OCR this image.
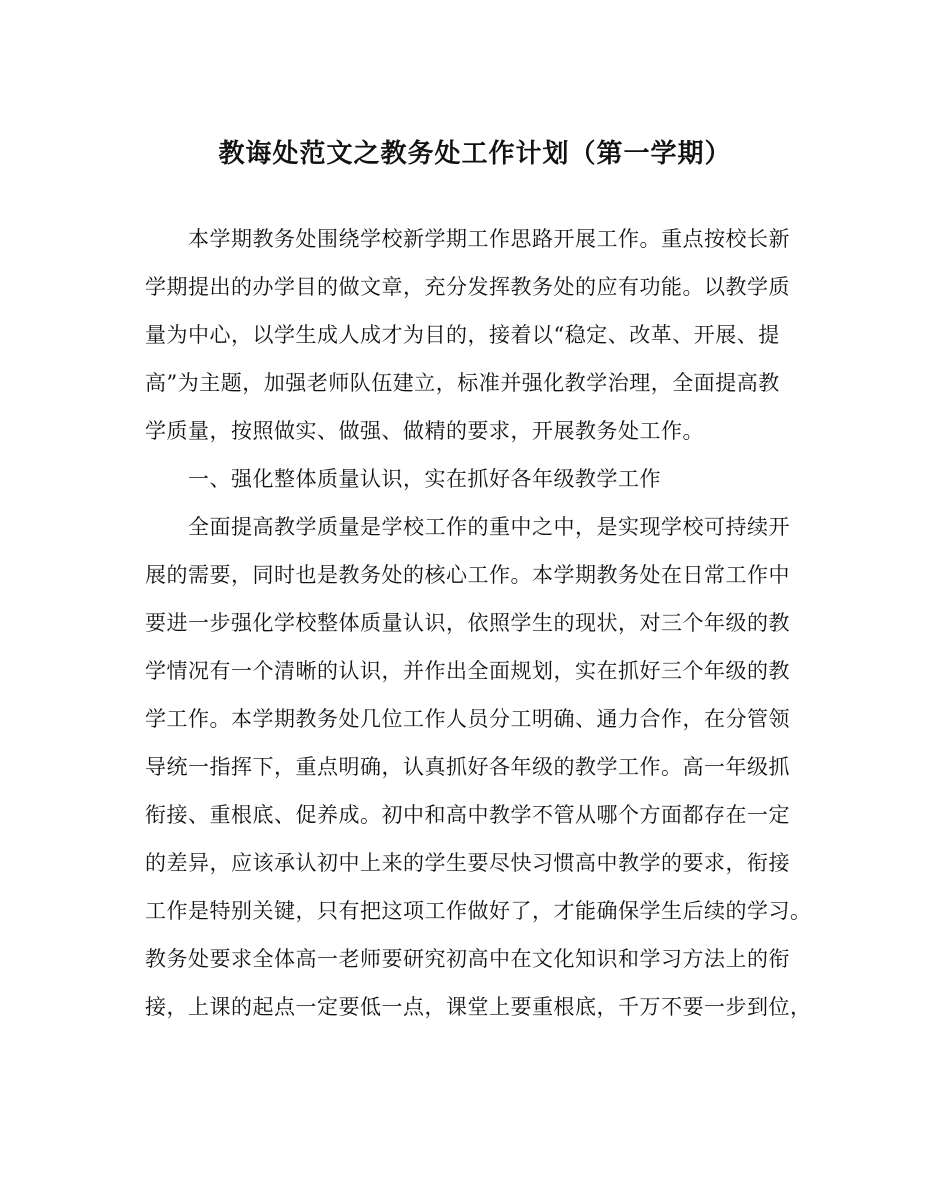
教诲处范文之教务处工作计划（第一学期）

本学期教务处围绕学校新学期工作思路开展工作。重点按校长新

学期提出的办学目的做文章，充分发挥教务处的应有功能。以教学质

量为中心，以学生成人成才为目的，接着以“稳定、改革、开展、提

高”为主题，加强老师队伍建立，标准并强化教学治理，全面提高教

学质量，按照做实、做强、做精的要求，开展教务处工作。

一、强化整体质量认识，实在抓好各年级教学工作

全面提高教学质量是学校工作的重中之中，是实现学校可持续开

展的需要，同时也是教务处的核心工作。本学期教务处在日常工作中

要进一步强化学校整体质量认识，依照学生的现状，对三个年级的教

学情况有一个清晰的认识，并作出全面规划，实在抓好三个年级的教

学工作。本学期教务处几位工作人员分工明确、通力合作，在分管领

导统一指挥下，重点明确，认真抓好各年级的教学工作。高一年级抓

衔接、重根底、促养成。初中和高中教学不管从哪个方面都存在一定

的差异，应该承认初中上来的学生要尽快习惯高中教学的要求，衔接

工作是特别关键，只有把这项工作做好了，才能确保学生后续的学习。

教务处要求全体高一老师要研究初高中在文化知识和学习方法上的衔

接，上课的起点一定要低一点，课堂上要重根底，千万不要一步到位，
